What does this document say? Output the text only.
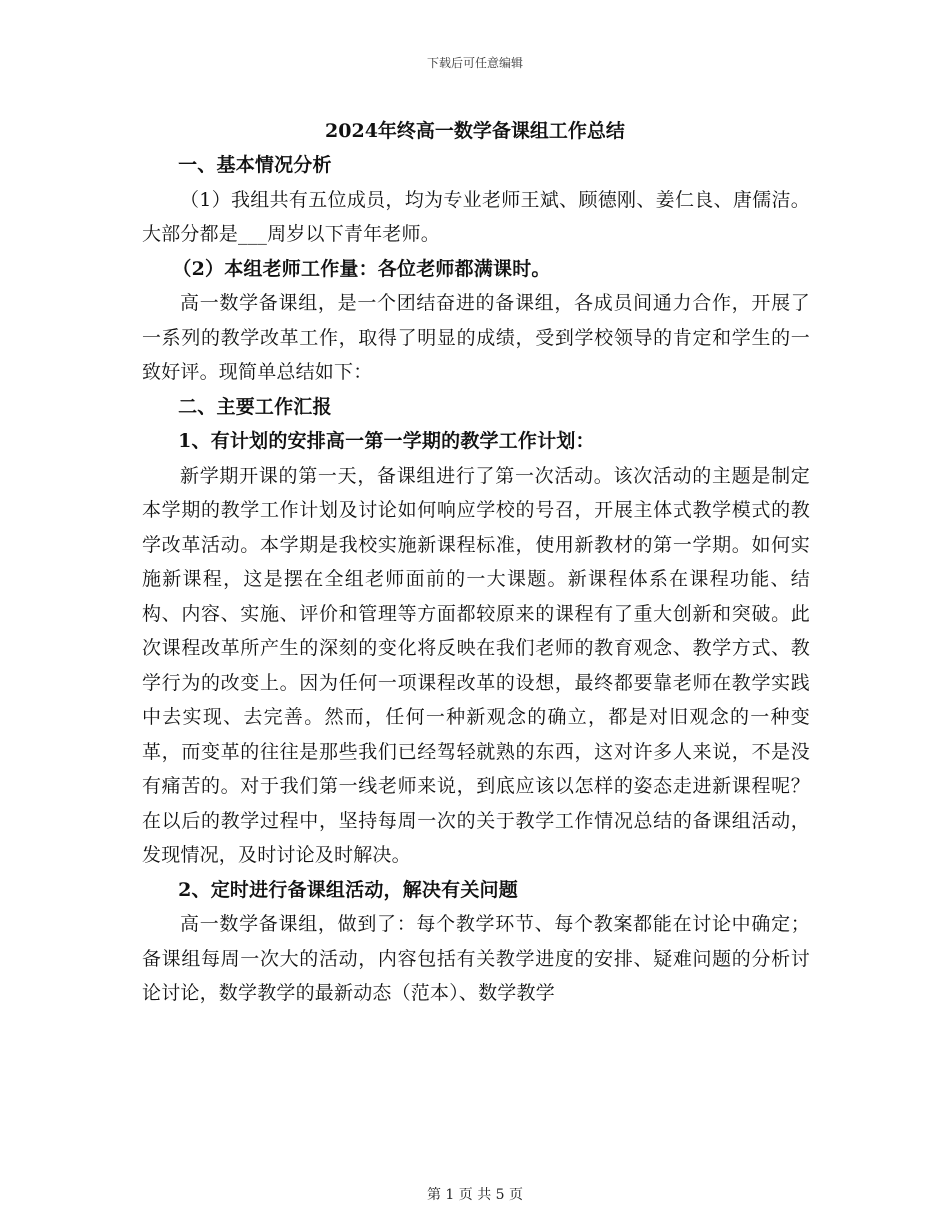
下载后可任意编辑
2024年终高一数学备课组工作总结

一、基本情况分析

（1）我组共有五位成员，均为专业老师王斌、顾德刚、姜仁良、唐儒洁。大部分都是___周岁以下青年老师。

（2）本组老师工作量：各位老师都满课时。

高一数学备课组，是一个团结奋进的备课组，各成员间通力合作，开展了一系列的教学改革工作，取得了明显的成绩，受到学校领导的肯定和学生的一致好评。现简单总结如下：

二、主要工作汇报

1、有计划的安排高一第一学期的教学工作计划：

新学期开课的第一天，备课组进行了第一次活动。该次活动的主题是制定本学期的教学工作计划及讨论如何响应学校的号召，开展主体式教学模式的教学改革活动。本学期是我校实施新课程标准，使用新教材的第一学期。如何实施新课程，这是摆在全组老师面前的一大课题。新课程体系在课程功能、结构、内容、实施、评价和管理等方面都较原来的课程有了重大创新和突破。此次课程改革所产生的深刻的变化将反映在我们老师的教育观念、教学方式、教学行为的改变上。因为任何一项课程改革的设想，最终都要靠老师在教学实践中去实现、去完善。然而，任何一种新观念的确立，都是对旧观念的一种变革，而变革的往往是那些我们已经驾轻就熟的东西，这对许多人来说，不是没有痛苦的。对于我们第一线老师来说，到底应该以怎样的姿态走进新课程呢？在以后的教学过程中，坚持每周一次的关于教学工作情况总结的备课组活动，发现情况，及时讨论及时解决。

2、定时进行备课组活动，解决有关问题

高一数学备课组，做到了：每个教学环节、每个教案都能在讨论中确定；备课组每周一次大的活动，内容包括有关教学进度的安排、疑难问题的分析讨论讨论，数学教学的最新动态（范本）、数学教学

第 1 页 共 5 页
